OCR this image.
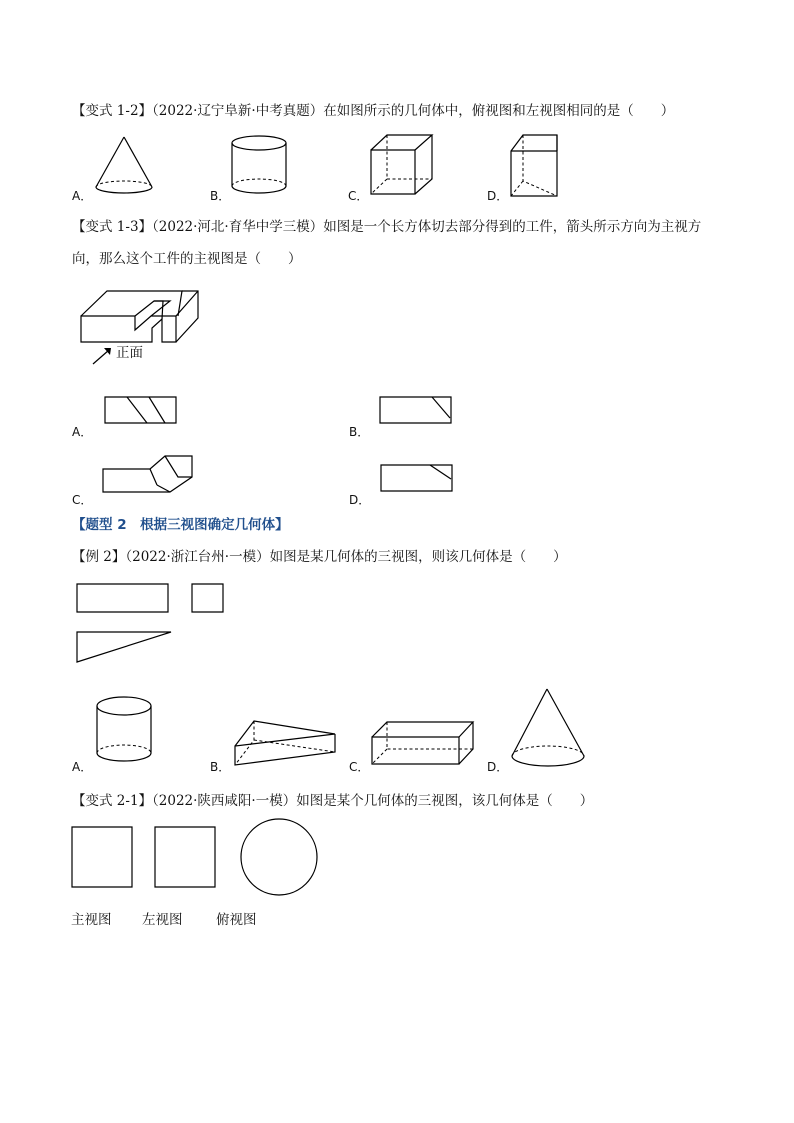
【变式 1-2】（2022·辽宁阜新·中考真题）在如图所示的几何体中，俯视图和左视图相同的是（　　）
A．	B．	C．	D．
【变式 1-3】（2022·河北·育华中学三模）如图是一个长方体切去部分得到的工件，箭头所示方向为主视方
向，那么这个工件的主视图是（　　）
正面
A．	B．
C．	D．
【题型 2　根据三视图确定几何体】
【例 2】（2022·浙江台州·一模）如图是某几何体的三视图，则该几何体是（　　）
A．	B．	C．	D．
【变式 2-1】（2022·陕西咸阳·一模）如图是某个几何体的三视图，该几何体是（　　）
主视图 左视图 俯视图
